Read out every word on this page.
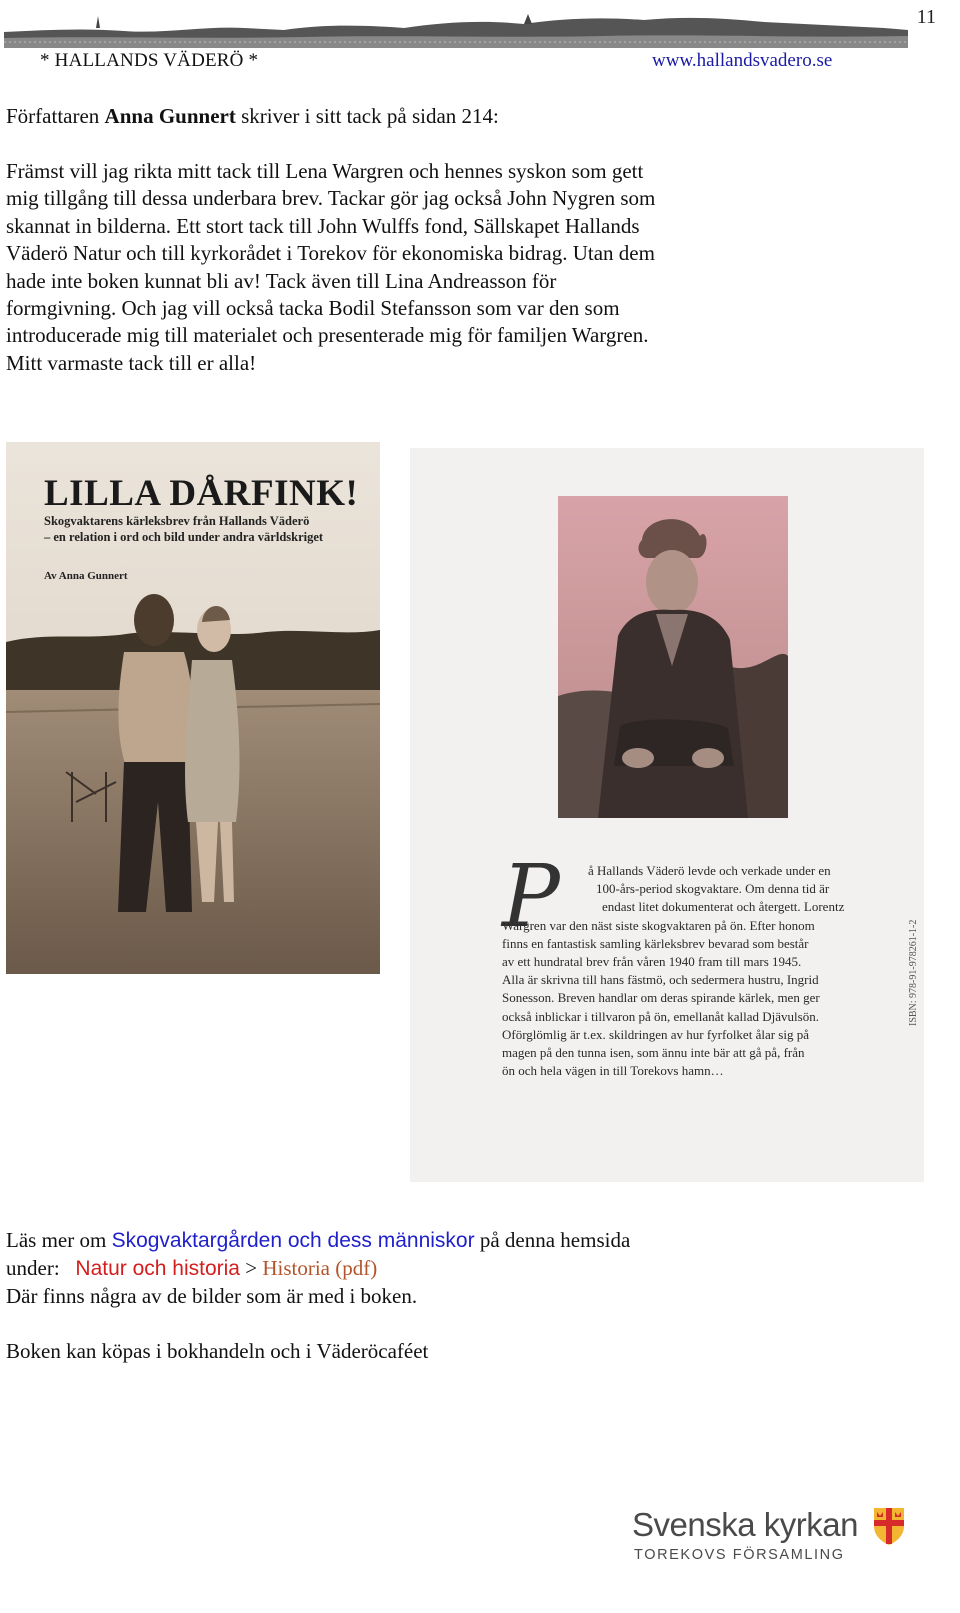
11
* HALLANDS VÄDERÖ *	www.hallandsvadero.se
Författaren Anna Gunnert skriver i sitt tack på sidan 214:

Främst vill jag rikta mitt tack till Lena Wargren och hennes syskon som gett mig tillgång till dessa underbara brev. Tackar gör jag också John Nygren som skannat in bilderna. Ett stort tack till John Wulffs fond, Sällskapet Hallands Väderö Natur och till kyrkorådet i Torekov för ekonomiska bidrag. Utan dem hade inte boken kunnat bli av! Tack även till Lina Andreasson för formgivning. Och jag vill också tacka Bodil Stefansson som var den som introducerade mig till materialet och presenterade mig för familjen Wargren. Mitt varmaste tack till er alla!

LILLA DÅRFINK!
Skogvaktarens kärleksbrev från Hallands Väderö
– en relation i ord och bild under andra världskriget
Av Anna Gunnert
P	å Hallands Väderö levde och verkade under en
100-års-period skogvaktare. Om denna tid är
endast litet dokumenterat och återgett. Lorentz
Wargren var den näst siste skogvaktaren på ön. Efter honom
finns en fantastisk samling kärleksbrev bevarad som består
av ett hundratal brev från våren 1940 fram till mars 1945.
Alla är skrivna till hans fästmö, och sedermera hustru, Ingrid
Sonesson. Breven handlar om deras spirande kärlek, men ger
också inblickar i tillvaron på ön, emellanåt kallad Djävulsön.
Oförglömlig är t.ex. skildringen av hur fyrfolket ålar sig på
magen på den tunna isen, som ännu inte bär att gå på, från
ön och hela vägen in till Torekovs hamn…
ISBN: 978-91-978261-1-2
Läs mer om Skogvaktargården och dess människor på denna hemsida
under:   Natur och historia > Historia (pdf)
Där finns några av de bilder som är med i boken.
Boken kan köpas i bokhandeln och i Väderöcaféet
Svenska kyrkan
TOREKOVS FÖRSAMLING
